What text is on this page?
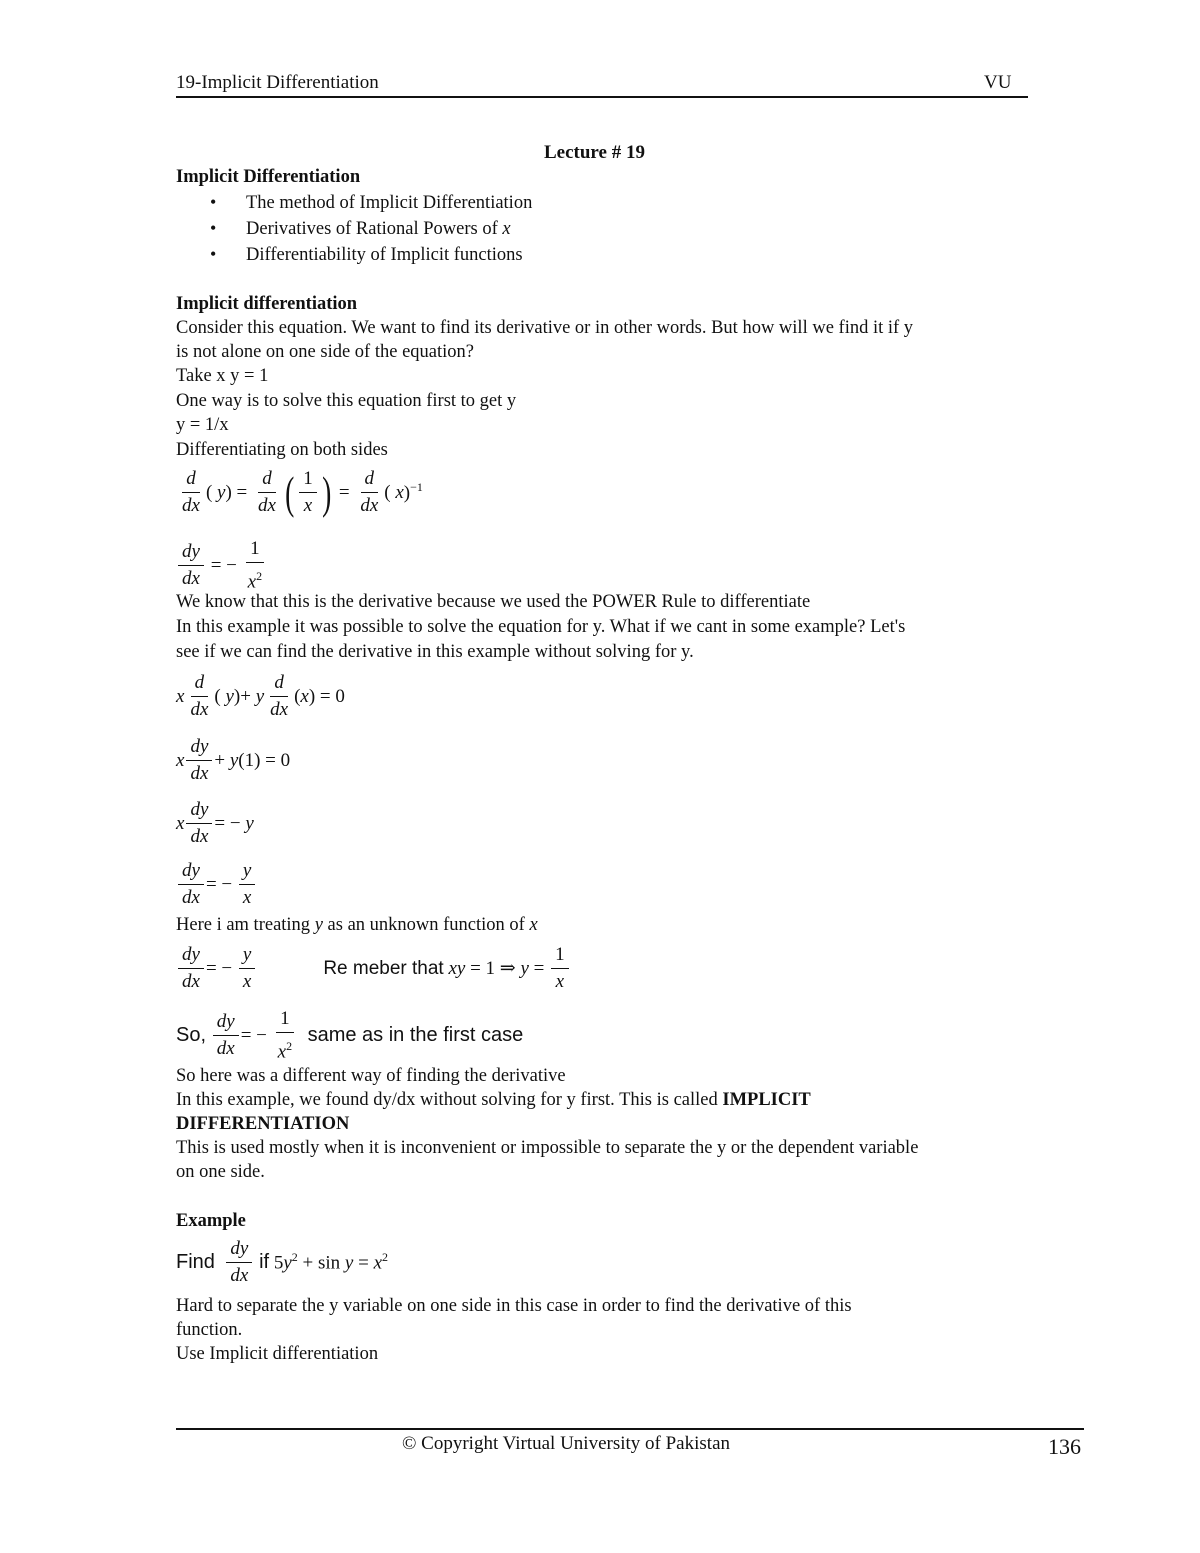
19-Implicit Differentiation	VU
Lecture # 19
Implicit Differentiation
• The method of Implicit Differentiation
• Derivatives of Rational Powers of x
• Differentiability of Implicit functions
Implicit differentiation
Consider this equation. We want to find its derivative or in other words. But how will we find it if y
is not alone on one side of the equation?
Take x y = 1
One way is to solve this equation first to get y
y = 1/x
Differentiating on both sides
$\frac{d}{dx}$ ( y ) = $\frac{d}{dx}$ ( $\frac{1}{x}$ ) = $\frac{d}{dx}$ ( x )$^{-1}$
$\frac{dy}{dx}$ = − $\frac{1}{x^2}$
We know that this is the derivative because we used the POWER Rule to differentiate
In this example it was possible to solve the equation for y. What if we cant in some example? Let's
see if we can find the derivative in this example without solving for y.
x $\frac{d}{dx}$ ( y )+ y $\frac{d}{dx}$ ( x ) = 0
x $\frac{dy}{dx} + y$ (1) = 0
x $\frac{dy}{dx}$ = − y
$\frac{dy}{dx}$ = − $\frac{y}{x}$
Here i am treating y as an unknown function of x
$\frac{dy}{dx}$ = − $\frac{y}{x}$	Re meber that xy = 1 ⇒ $y = \frac{1}{x}$
So,
$\frac{dy}{dx}$ = − $\frac{1}{x^2}$
same as in the first case
So here was a different way of finding the derivative
In this example, we found dy/dx without solving for y first. This is called IMPLICIT
DIFFERENTIATION
This is used mostly when it is inconvenient or impossible to separate the y or the dependent variable
on one side.
Example
Find
$\frac{dy}{dx}$
if $5y^2 + \sin y = x^2$
Hard to separate the y variable on one side in this case in order to find the derivative of this
function.
Use Implicit differentiation
© Copyright Virtual University of Pakistan	136
